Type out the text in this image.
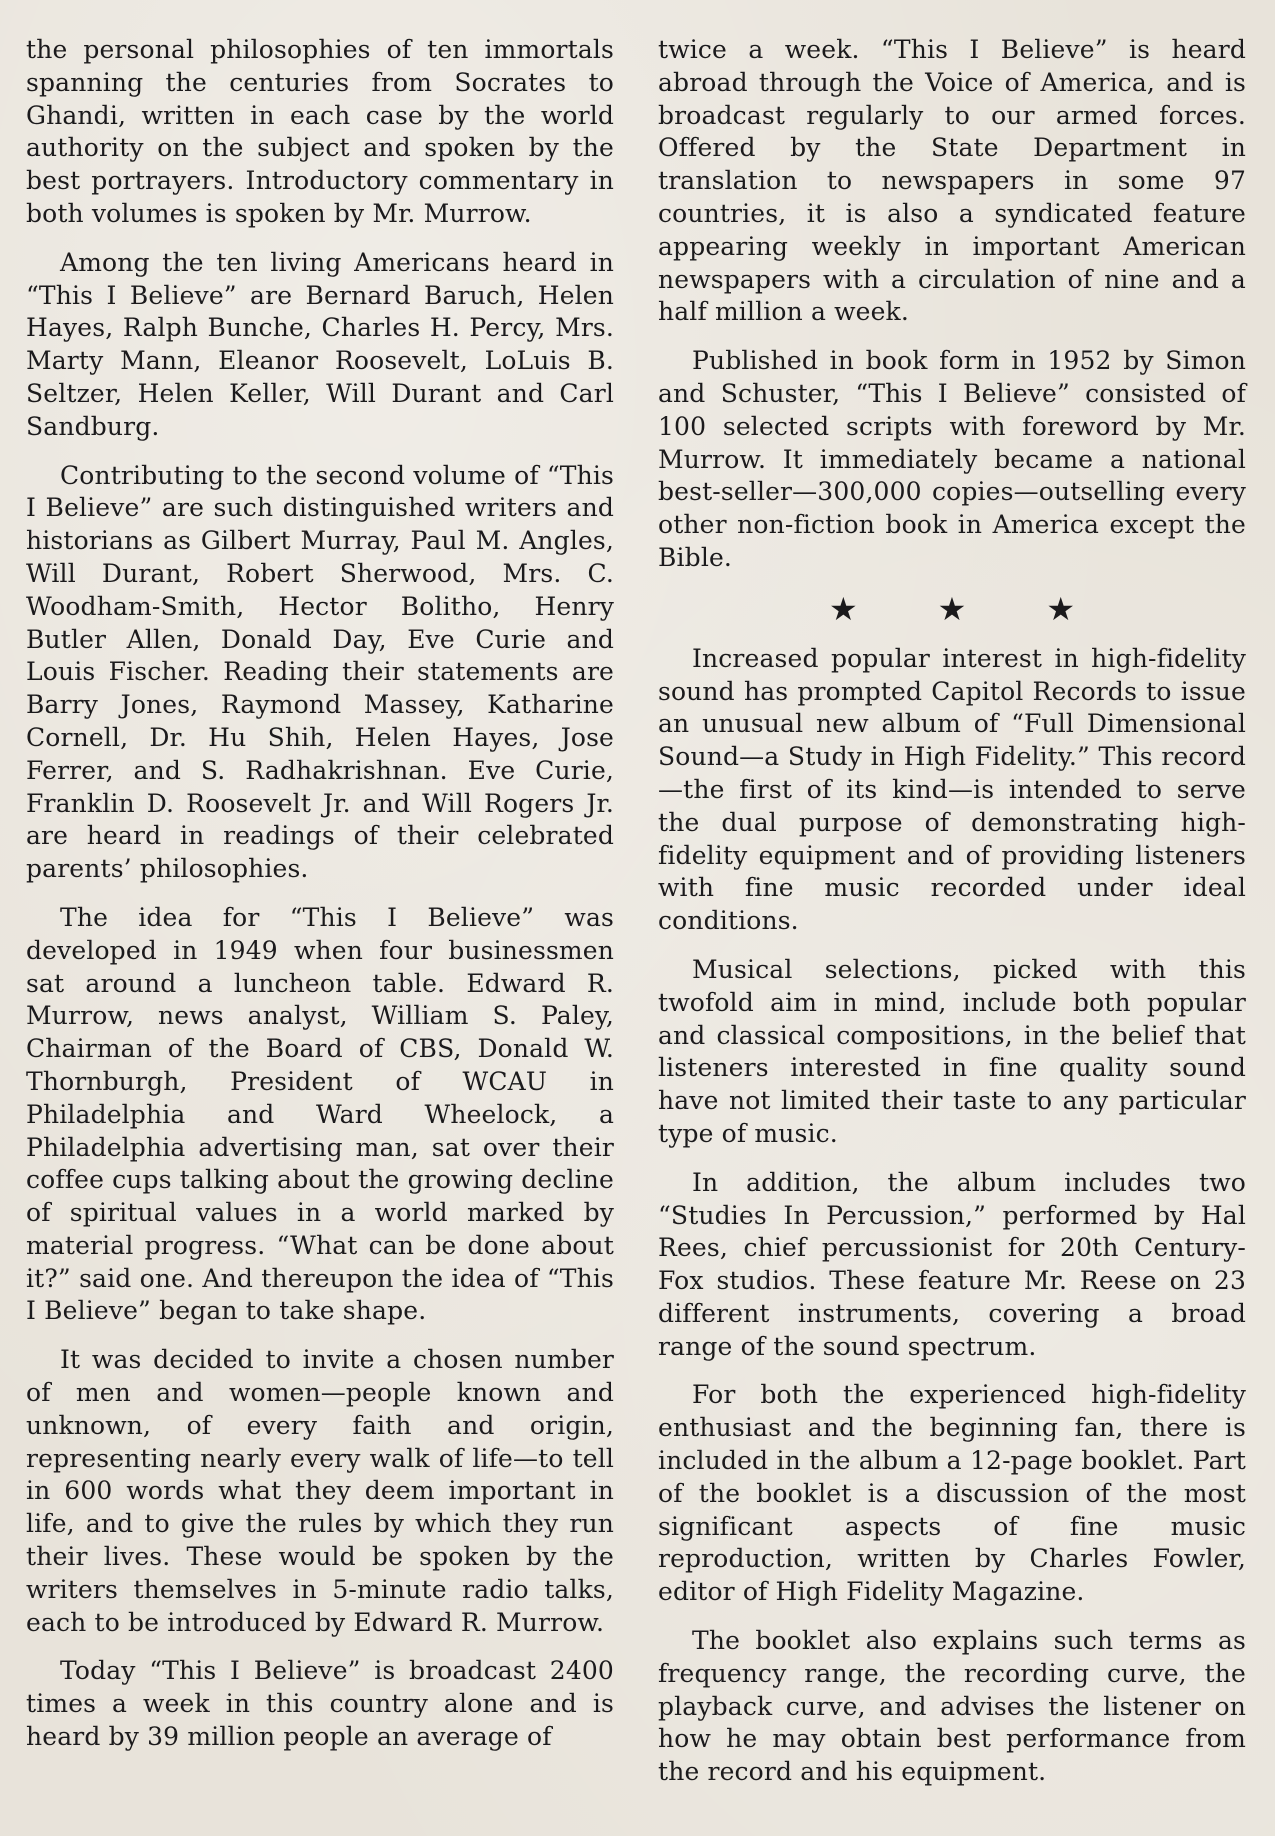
the personal philosophies of ten immortals spanning the centuries from Socrates to Ghandi, written in each case by the world authority on the subject and spoken by the best portrayers. Introductory commentary in both volumes is spoken by Mr. Murrow.

Among the ten living Americans heard in “This I Believe” are Bernard Baruch, Helen Hayes, Ralph Bunche, Charles H. Percy, Mrs. Marty Mann, Eleanor Roosevelt, LoLuis B. Seltzer, Helen Keller, Will Durant and Carl Sandburg.

Contributing to the second volume of “This I Believe” are such distinguished writers and historians as Gilbert Murray, Paul M. Angles, Will Durant, Robert Sherwood, Mrs. C. Woodham-Smith, Hector Bolitho, Henry Butler Allen, Donald Day, Eve Curie and Louis Fischer. Reading their statements are Barry Jones, Raymond Massey, Katharine Cornell, Dr. Hu Shih, Helen Hayes, Jose Ferrer, and S. Radhakrishnan. Eve Curie, Franklin D. Roosevelt Jr. and Will Rogers Jr. are heard in readings of their celebrated parents’ philosophies.

The idea for “This I Believe” was developed in 1949 when four businessmen sat around a luncheon table. Edward R. Murrow, news analyst, William S. Paley, Chairman of the Board of CBS, Donald W. Thornburgh, President of WCAU in Philadelphia and Ward Wheelock, a Philadelphia advertising man, sat over their coffee cups talking about the growing decline of spiritual values in a world marked by material progress. “What can be done about it?” said one. And thereupon the idea of “This I Believe” began to take shape.

It was decided to invite a chosen number of men and women—people known and unknown, of every faith and origin, representing nearly every walk of life—to tell in 600 words what they deem important in life, and to give the rules by which they run their lives. These would be spoken by the writers themselves in 5-minute radio talks, each to be introduced by Edward R. Murrow.

Today “This I Believe” is broadcast 2400 times a week in this country alone and is heard by 39 million people an average of

twice a week. “This I Believe” is heard abroad through the Voice of America, and is broadcast regularly to our armed forces. Offered by the State Department in translation to newspapers in some 97 countries, it is also a syndicated feature appearing weekly in important American newspapers with a circulation of nine and a half million a week.

Published in book form in 1952 by Simon and Schuster, “This I Believe” consisted of 100 selected scripts with foreword by Mr. Murrow. It immediately became a national best-seller—300,000 copies—outselling every other non-fiction book in America except the Bible.

★	★	★

Increased popular interest in high-fidelity sound has prompted Capitol Records to issue an unusual new album of “Full Dimensional Sound—a Study in High Fidelity.” This record—the first of its kind—is intended to serve the dual purpose of demonstrating high-fidelity equipment and of providing listeners with fine music recorded under ideal conditions.

Musical selections, picked with this twofold aim in mind, include both popular and classical compositions, in the belief that listeners interested in fine quality sound have not limited their taste to any particular type of music.

In addition, the album includes two “Studies In Percussion,” performed by Hal Rees, chief percussionist for 20th Century-Fox studios. These feature Mr. Reese on 23 different instruments, covering a broad range of the sound spectrum.

For both the experienced high-fidelity enthusiast and the beginning fan, there is included in the album a 12-page booklet. Part of the booklet is a discussion of the most significant aspects of fine music reproduction, written by Charles Fowler, editor of High Fidelity Magazine.

The booklet also explains such terms as frequency range, the recording curve, the playback curve, and advises the listener on how he may obtain best performance from the record and his equipment.
